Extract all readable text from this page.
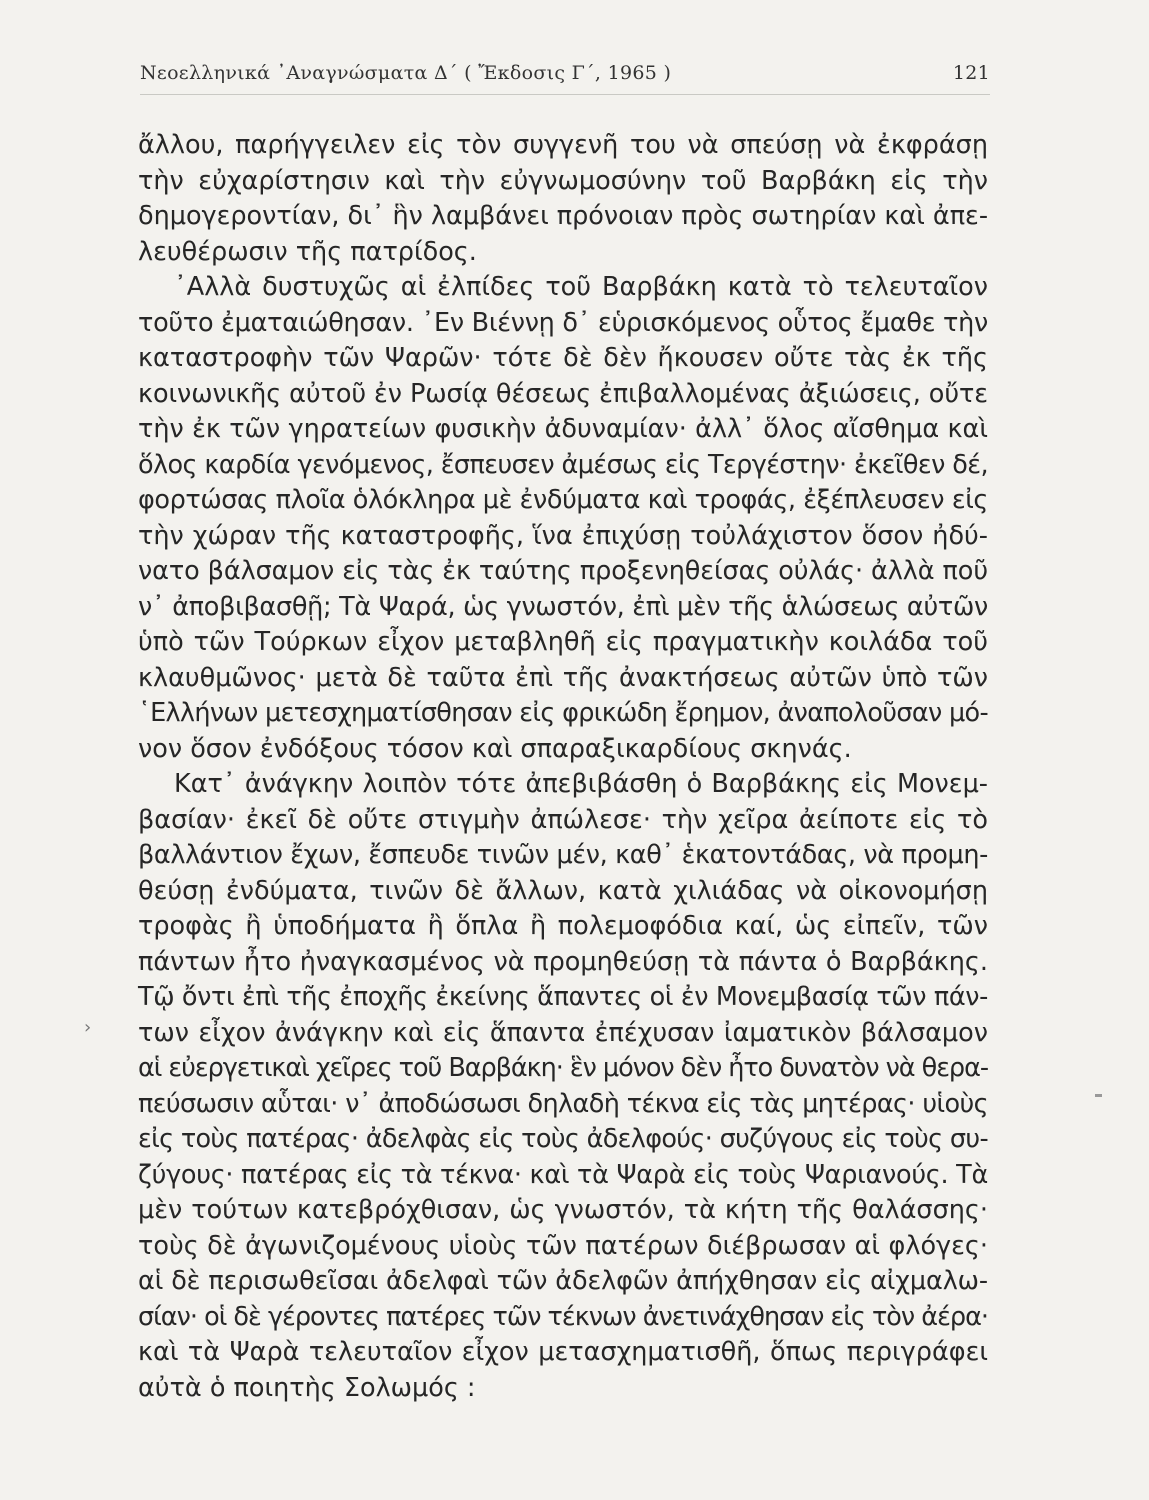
Νεοελληνικά ᾿Αναγνώσματα Δ΄ ( Ἔκδοσις Γ΄, 1965 )	121
ἄλλου, παρήγγειλεν εἰς τὸν συγγενῆ του νὰ σπεύσῃ νὰ ἐκφράσῃ
τὴν εὐχαρίστησιν καὶ τὴν εὐγνωμοσύνην τοῦ Βαρβάκη εἰς τὴν
δημογεροντίαν, δι᾿ ἣν λαμβάνει πρόνοιαν πρὸς σωτηρίαν καὶ ἀπε-
λευθέρωσιν τῆς πατρίδος.
᾿Αλλὰ δυστυχῶς αἱ ἐλπίδες τοῦ Βαρβάκη κατὰ τὸ τελευταῖον
τοῦτο ἐματαιώθησαν. ᾿Εν Βιέννῃ δ᾿ εὑρισκόμενος οὗτος ἔμαθε τὴν
καταστροφὴν τῶν Ψαρῶν· τότε δὲ δὲν ἤκουσεν οὔτε τὰς ἐκ τῆς
κοινωνικῆς αὐτοῦ ἐν Ρωσίᾳ θέσεως ἐπιβαλλομένας ἀξιώσεις, οὔτε
τὴν ἐκ τῶν γηρατείων φυσικὴν ἀδυναμίαν· ἀλλ᾿ ὅλος αἴσθημα καὶ
ὅλος καρδία γενόμενος, ἔσπευσεν ἀμέσως εἰς Τεργέστην· ἐκεῖθεν δέ,
φορτώσας πλοῖα ὁλόκληρα μὲ ἐνδύματα καὶ τροφάς, ἐξέπλευσεν εἰς
τὴν χώραν τῆς καταστροφῆς, ἵνα ἐπιχύσῃ τοὐλάχιστον ὅσον ἠδύ-
νατο βάλσαμον εἰς τὰς ἐκ ταύτης προξενηθείσας οὐλάς· ἀλλὰ ποῦ
ν᾿ ἀποβιβασθῇ; Τὰ Ψαρά, ὡς γνωστόν, ἐπὶ μὲν τῆς ἁλώσεως αὐτῶν
ὑπὸ τῶν Τούρκων εἶχον μεταβληθῆ εἰς πραγματικὴν κοιλάδα τοῦ
κλαυθμῶνος· μετὰ δὲ ταῦτα ἐπὶ τῆς ἀνακτήσεως αὐτῶν ὑπὸ τῶν
῾Ελλήνων μετεσχηματίσθησαν εἰς φρικώδη ἔρημον, ἀναπολοῦσαν μό-
νον ὅσον ἐνδόξους τόσον καὶ σπαραξικαρδίους σκηνάς.
Κατ᾿ ἀνάγκην λοιπὸν τότε ἀπεβιβάσθη ὁ Βαρβάκης εἰς Μονεμ-
βασίαν· ἐκεῖ δὲ οὔτε στιγμὴν ἀπώλεσε· τὴν χεῖρα ἀείποτε εἰς τὸ
βαλλάντιον ἔχων, ἔσπευδε τινῶν μέν, καθ᾿ ἑκατοντάδας, νὰ προμη-
θεύσῃ ἐνδύματα, τινῶν δὲ ἄλλων, κατὰ χιλιάδας νὰ οἰκονομήσῃ
τροφὰς ἢ ὑποδήματα ἢ ὅπλα ἢ πολεμοφόδια καί, ὡς εἰπεῖν, τῶν
πάντων ἦτο ἠναγκασμένος νὰ προμηθεύσῃ τὰ πάντα ὁ Βαρβάκης.
Τῷ ὄντι ἐπὶ τῆς ἐποχῆς ἐκείνης ἅπαντες οἱ ἐν Μονεμβασίᾳ τῶν πάν-
των εἶχον ἀνάγκην καὶ εἰς ἅπαντα ἐπέχυσαν ἰαματικὸν βάλσαμον
αἱ εὐεργετικαὶ χεῖρες τοῦ Βαρβάκη· ἓν μόνον δὲν ἦτο δυνατὸν νὰ θερα-
πεύσωσιν αὗται· ν᾿ ἀποδώσωσι δηλαδὴ τέκνα εἰς τὰς μητέρας· υἱοὺς
εἰς τοὺς πατέρας· ἀδελφὰς εἰς τοὺς ἀδελφούς· συζύγους εἰς τοὺς συ-
ζύγους· πατέρας εἰς τὰ τέκνα· καὶ τὰ Ψαρὰ εἰς τοὺς Ψαριανούς. Τὰ
μὲν τούτων κατεβρόχθισαν, ὡς γνωστόν, τὰ κήτη τῆς θαλάσσης·
τοὺς δὲ ἀγωνιζομένους υἱοὺς τῶν πατέρων διέβρωσαν αἱ φλόγες·
αἱ δὲ περισωθεῖσαι ἀδελφαὶ τῶν ἀδελφῶν ἀπήχθησαν εἰς αἰχμαλω-
σίαν· οἱ δὲ γέροντες πατέρες τῶν τέκνων ἀνετινάχθησαν εἰς τὸν ἀέρα·
καὶ τὰ Ψαρὰ τελευταῖον εἶχον μετασχηματισθῆ, ὅπως περιγράφει
αὐτὰ ὁ ποιητὴς Σολωμός :
›
